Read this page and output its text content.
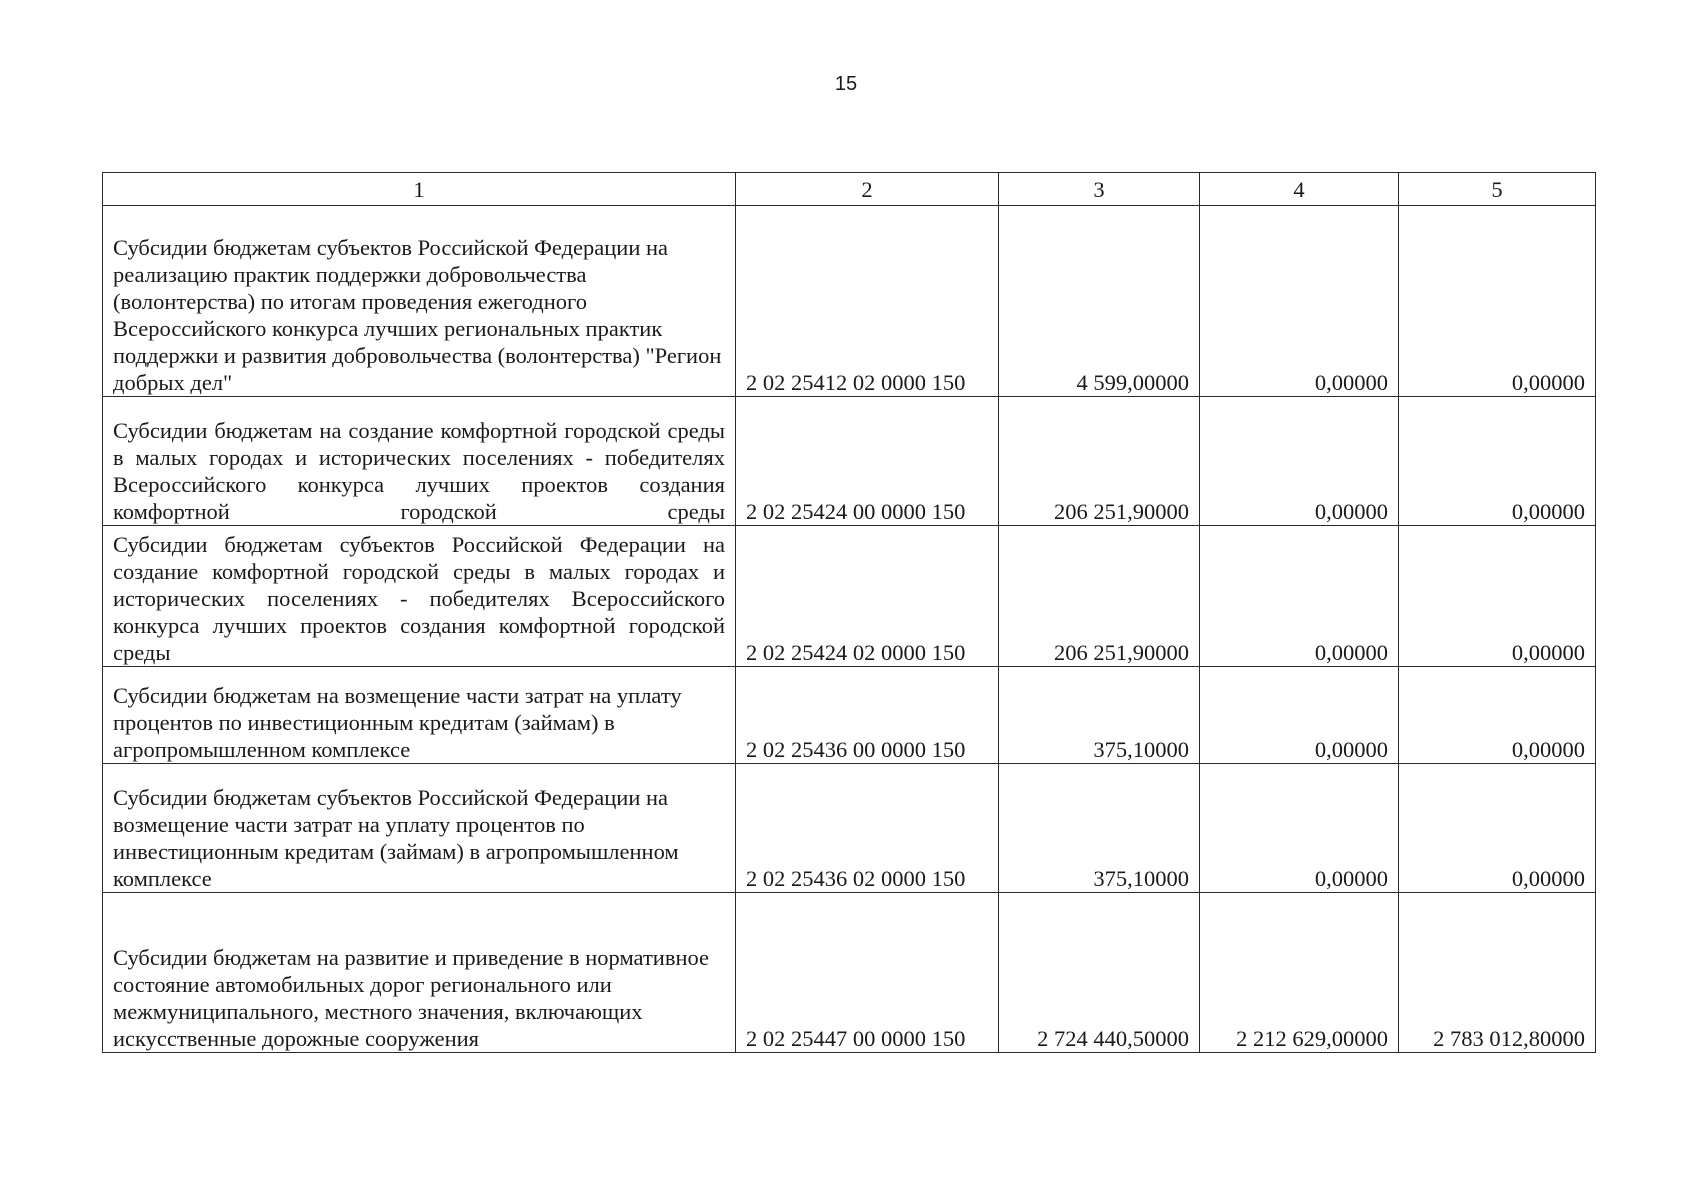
15
1	2	3	4	5
Субсидии бюджетам субъектов Российской Федерации на реализацию практик поддержки добровольчества (волонтерства) по итогам проведения ежегодного Всероссийского конкурса лучших региональных практик поддержки и развития добровольчества (волонтерства) "Регион добрых дел"	2 02 25412 02 0000 150	4 599,00000	0,00000	0,00000
Субсидии бюджетам на создание комфортной городской среды в малых городах и исторических поселениях - победителях Всероссийского конкурса лучших проектов создания комфортной городской среды	2 02 25424 00 0000 150	206 251,90000	0,00000	0,00000
Субсидии бюджетам субъектов Российской Федерации на создание комфортной городской среды в малых городах и исторических поселениях - победителях Всероссийского конкурса лучших проектов создания комфортной городской среды	2 02 25424 02 0000 150	206 251,90000	0,00000	0,00000
Субсидии бюджетам на возмещение части затрат на уплату процентов по инвестиционным кредитам (займам) в агропромышленном комплексе	2 02 25436 00 0000 150	375,10000	0,00000	0,00000
Субсидии бюджетам субъектов Российской Федерации на возмещение части затрат на уплату процентов по инвестиционным кредитам (займам) в агропромышленном комплексе	2 02 25436 02 0000 150	375,10000	0,00000	0,00000
Субсидии бюджетам на развитие и приведение в нормативное состояние автомобильных дорог регионального или межмуниципального, местного значения, включающих искусственные дорожные сооружения	2 02 25447 00 0000 150	2 724 440,50000	2 212 629,00000	2 783 012,80000
